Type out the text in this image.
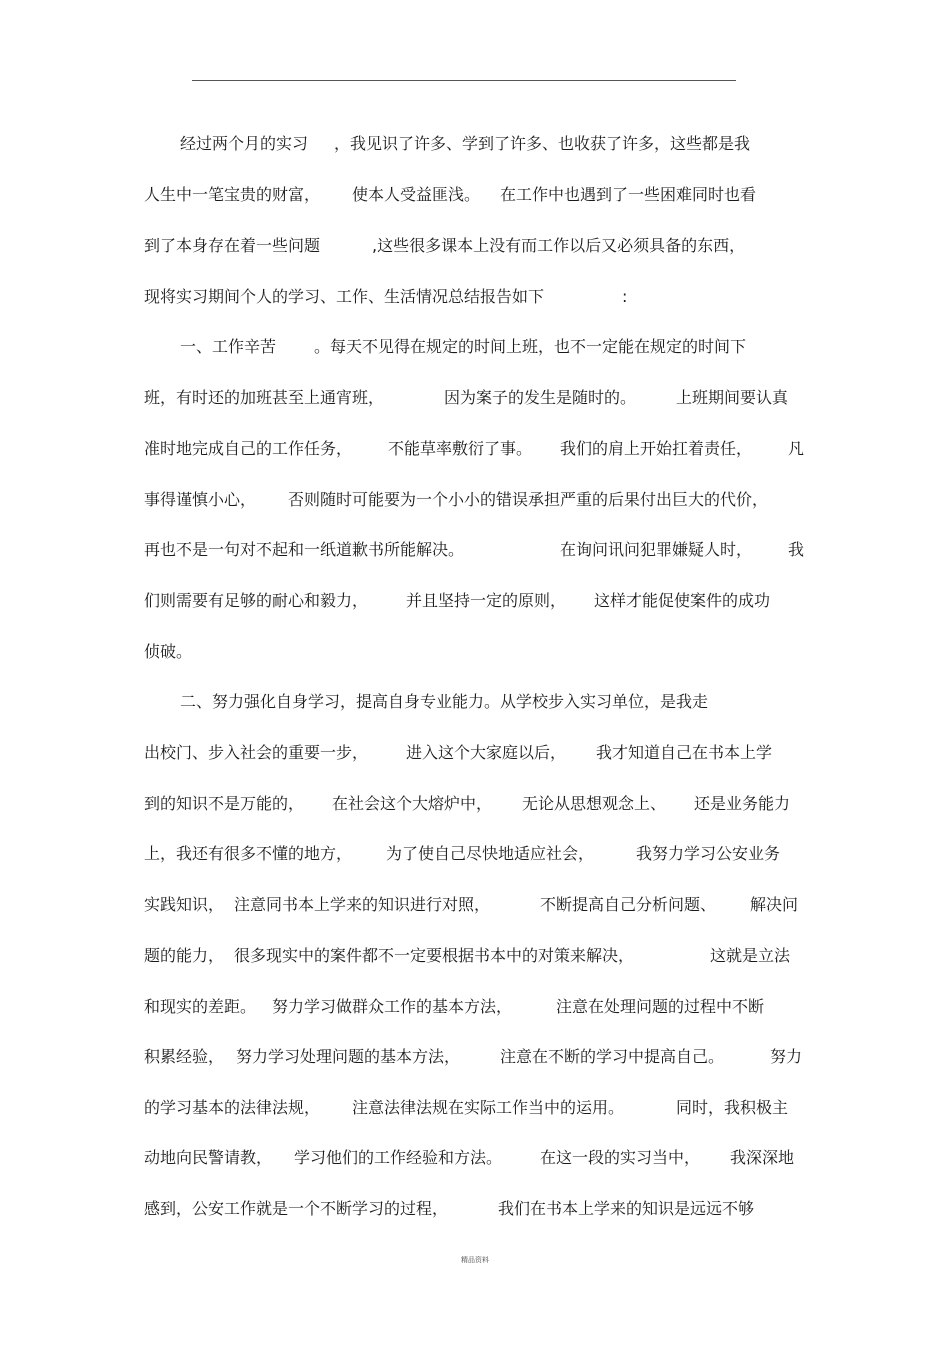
经过两个月的实习 ，我见识了许多、学到了许多、也收获了许多，这些都是我
人生中一笔宝贵的财富， 使本人受益匪浅。 在工作中也遇到了一些困难同时也看
到了本身存在着一些问题	,这些很多课本上没有而工作以后又必须具备的东西，
现将实习期间个人的学习、工作、生活情况总结报告如下	:
一、工作辛苦 。每天不见得在规定的时间上班，也不一定能在规定的时间下
班，有时还的加班甚至上通宵班，	因为案子的发生是随时的。 上班期间要认真
准时地完成自己的工作任务， 不能草率敷衍了事。 我们的肩上开始扛着责任， 凡
事得谨慎小心， 否则随时可能要为一个小小的错误承担严重的后果付出巨大的代价，
再也不是一句对不起和一纸道歉书所能解决。	在询问讯问犯罪嫌疑人时， 我
们则需要有足够的耐心和毅力， 并且坚持一定的原则， 这样才能促使案件的成功
侦破。
二、努力强化自身学习，提高自身专业能力。从学校步入实习单位，是我走
出校门、步入社会的重要一步， 进入这个大家庭以后， 我才知道自己在书本上学
到的知识不是万能的， 在社会这个大熔炉中， 无论从思想观念上、 还是业务能力
上，我还有很多不懂的地方， 为了使自己尽快地适应社会，	我努力学习公安业务
实践知识， 注意同书本上学来的知识进行对照，	不断提高自己分析问题、 解决问
题的能力， 很多现实中的案件都不一定要根据书本中的对策来解决，	这就是立法
和现实的差距。 努力学习做群众工作的基本方法，	注意在处理问题的过程中不断
积累经验， 努力学习处理问题的基本方法， 注意在不断的学习中提高自己。	努力
的学习基本的法律法规， 注意法律法规在实际工作当中的运用。	同时，我积极主
动地向民警请教， 学习他们的工作经验和方法。 在这一段的实习当中， 我深深地
感到，公安工作就是一个不断学习的过程，	我们在书本上学来的知识是远远不够
精品资料
